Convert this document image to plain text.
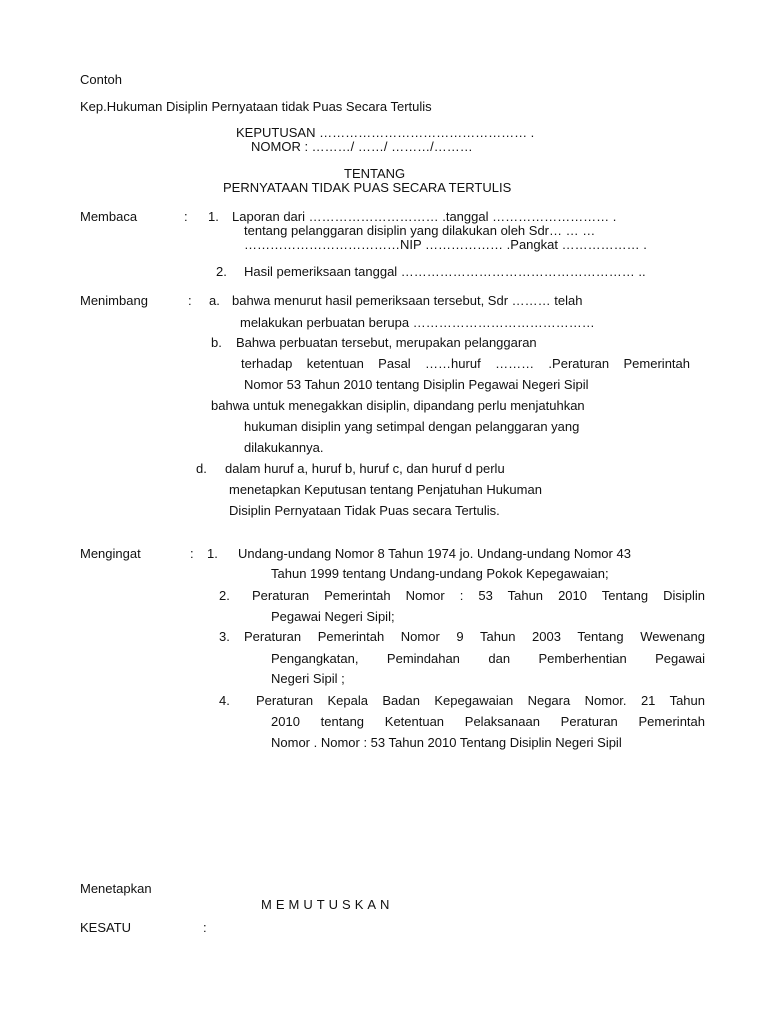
Contoh
Kep.Hukuman Disiplin Pernyataan tidak Puas Secara Tertulis
KEPUTUSAN ………………………………………… .
NOMOR : ………/ ……/ ………/………
TENTANG
PERNYATAAN TIDAK PUAS SECARA TERTULIS
Membaca	: 1. Laporan dari ………………………… .tanggal ……………………… .
tentang pelanggaran disiplin yang dilakukan oleh Sdr… … …
………………………………NIP ……………… .Pangkat ……………… .
2. Hasil pemeriksaan tanggal ……………………………………………… ..
Menimbang	: a. bahwa menurut hasil pemeriksaan tersebut, Sdr ……… telah
melakukan perbuatan berupa ……………………………………
b. Bahwa perbuatan tersebut, merupakan pelanggaran
terhadap ketentuan Pasal ……huruf ……… .Peraturan Pemerintah
Nomor 53 Tahun 2010 tentang Disiplin Pegawai Negeri Sipil
bahwa untuk menegakkan disiplin, dipandang perlu menjatuhkan
hukuman disiplin yang setimpal dengan pelanggaran yang
dilakukannya.
d. dalam huruf a, huruf b, huruf c, dan huruf d perlu
menetapkan Keputusan tentang Penjatuhan Hukuman
Disiplin Pernyataan Tidak Puas secara Tertulis.
Mengingat	: 1. Undang-undang Nomor 8 Tahun 1974 jo. Undang-undang Nomor 43
Tahun 1999 tentang Undang-undang Pokok Kepegawaian;
2. Peraturan Pemerintah Nomor : 53 Tahun 2010 Tentang Disiplin
Pegawai Negeri Sipil;
3. Peraturan Pemerintah Nomor 9 Tahun 2003 Tentang Wewenang
Pengangkatan, Pemindahan dan Pemberhentian Pegawai
Negeri Sipil ;
4. Peraturan Kepala Badan Kepegawaian Negara Nomor. 21 Tahun
2010 tentang Ketentuan Pelaksanaan Peraturan Pemerintah
Nomor . Nomor : 53 Tahun 2010 Tentang Disiplin Negeri Sipil
Menetapkan
MEMUTUSKAN
KESATU	:
